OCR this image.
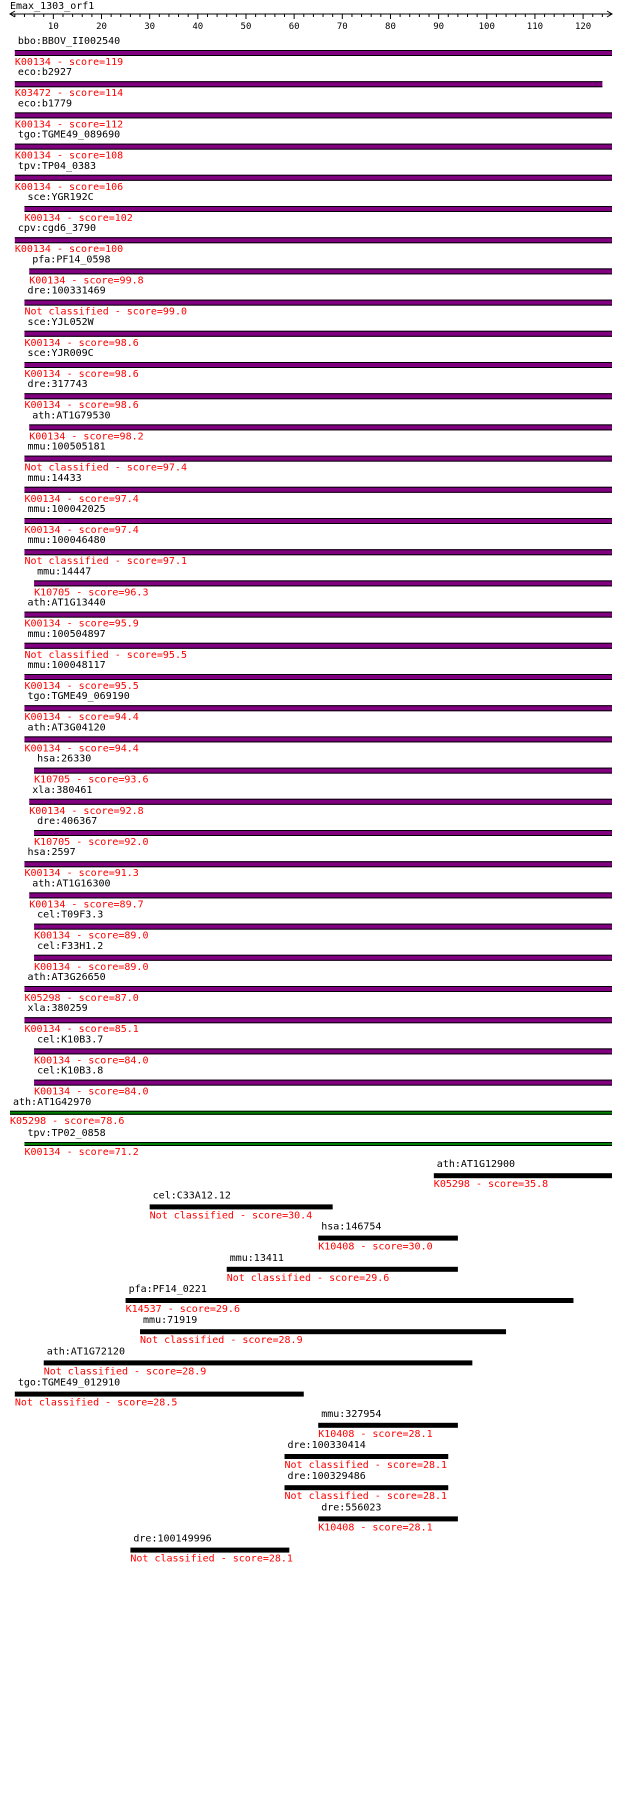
Emax_1303_orf1
10	20	30	40	50	60	70	80	90	100	110	120
bbo:BBOV_II002540
K00134 - score=119
eco:b2927
K03472 - score=114
eco:b1779
K00134 - score=112
tgo:TGME49_089690
K00134 - score=108
tpv:TP04_0383
K00134 - score=106
sce:YGR192C
K00134 - score=102
cpv:cgd6_3790
K00134 - score=100
pfa:PF14_0598
K00134 - score=99.8
dre:100331469
Not classified - score=99.0
sce:YJL052W
K00134 - score=98.6
sce:YJR009C
K00134 - score=98.6
dre:317743
K00134 - score=98.6
ath:AT1G79530
K00134 - score=98.2
mmu:100505181
Not classified - score=97.4
mmu:14433
K00134 - score=97.4
mmu:100042025
K00134 - score=97.4
mmu:100046480
Not classified - score=97.1
mmu:14447
K10705 - score=96.3
ath:AT1G13440
K00134 - score=95.9
mmu:100504897
Not classified - score=95.5
mmu:100048117
K00134 - score=95.5
tgo:TGME49_069190
K00134 - score=94.4
ath:AT3G04120
K00134 - score=94.4
hsa:26330
K10705 - score=93.6
xla:380461
K00134 - score=92.8
dre:406367
K10705 - score=92.0
hsa:2597
K00134 - score=91.3
ath:AT1G16300
K00134 - score=89.7
cel:T09F3.3
K00134 - score=89.0
cel:F33H1.2
K00134 - score=89.0
ath:AT3G26650
K05298 - score=87.0
xla:380259
K00134 - score=85.1
cel:K10B3.7
K00134 - score=84.0
cel:K10B3.8
K00134 - score=84.0
ath:AT1G42970
K05298 - score=78.6
tpv:TP02_0858
K00134 - score=71.2
ath:AT1G12900
K05298 - score=35.8
cel:C33A12.12
Not classified - score=30.4
hsa:146754
K10408 - score=30.0
mmu:13411
Not classified - score=29.6
pfa:PF14_0221
K14537 - score=29.6
mmu:71919
Not classified - score=28.9
ath:AT1G72120
Not classified - score=28.9
tgo:TGME49_012910
Not classified - score=28.5
mmu:327954
K10408 - score=28.1
dre:100330414
Not classified - score=28.1
dre:100329486
Not classified - score=28.1
dre:556023
K10408 - score=28.1
dre:100149996
Not classified - score=28.1
